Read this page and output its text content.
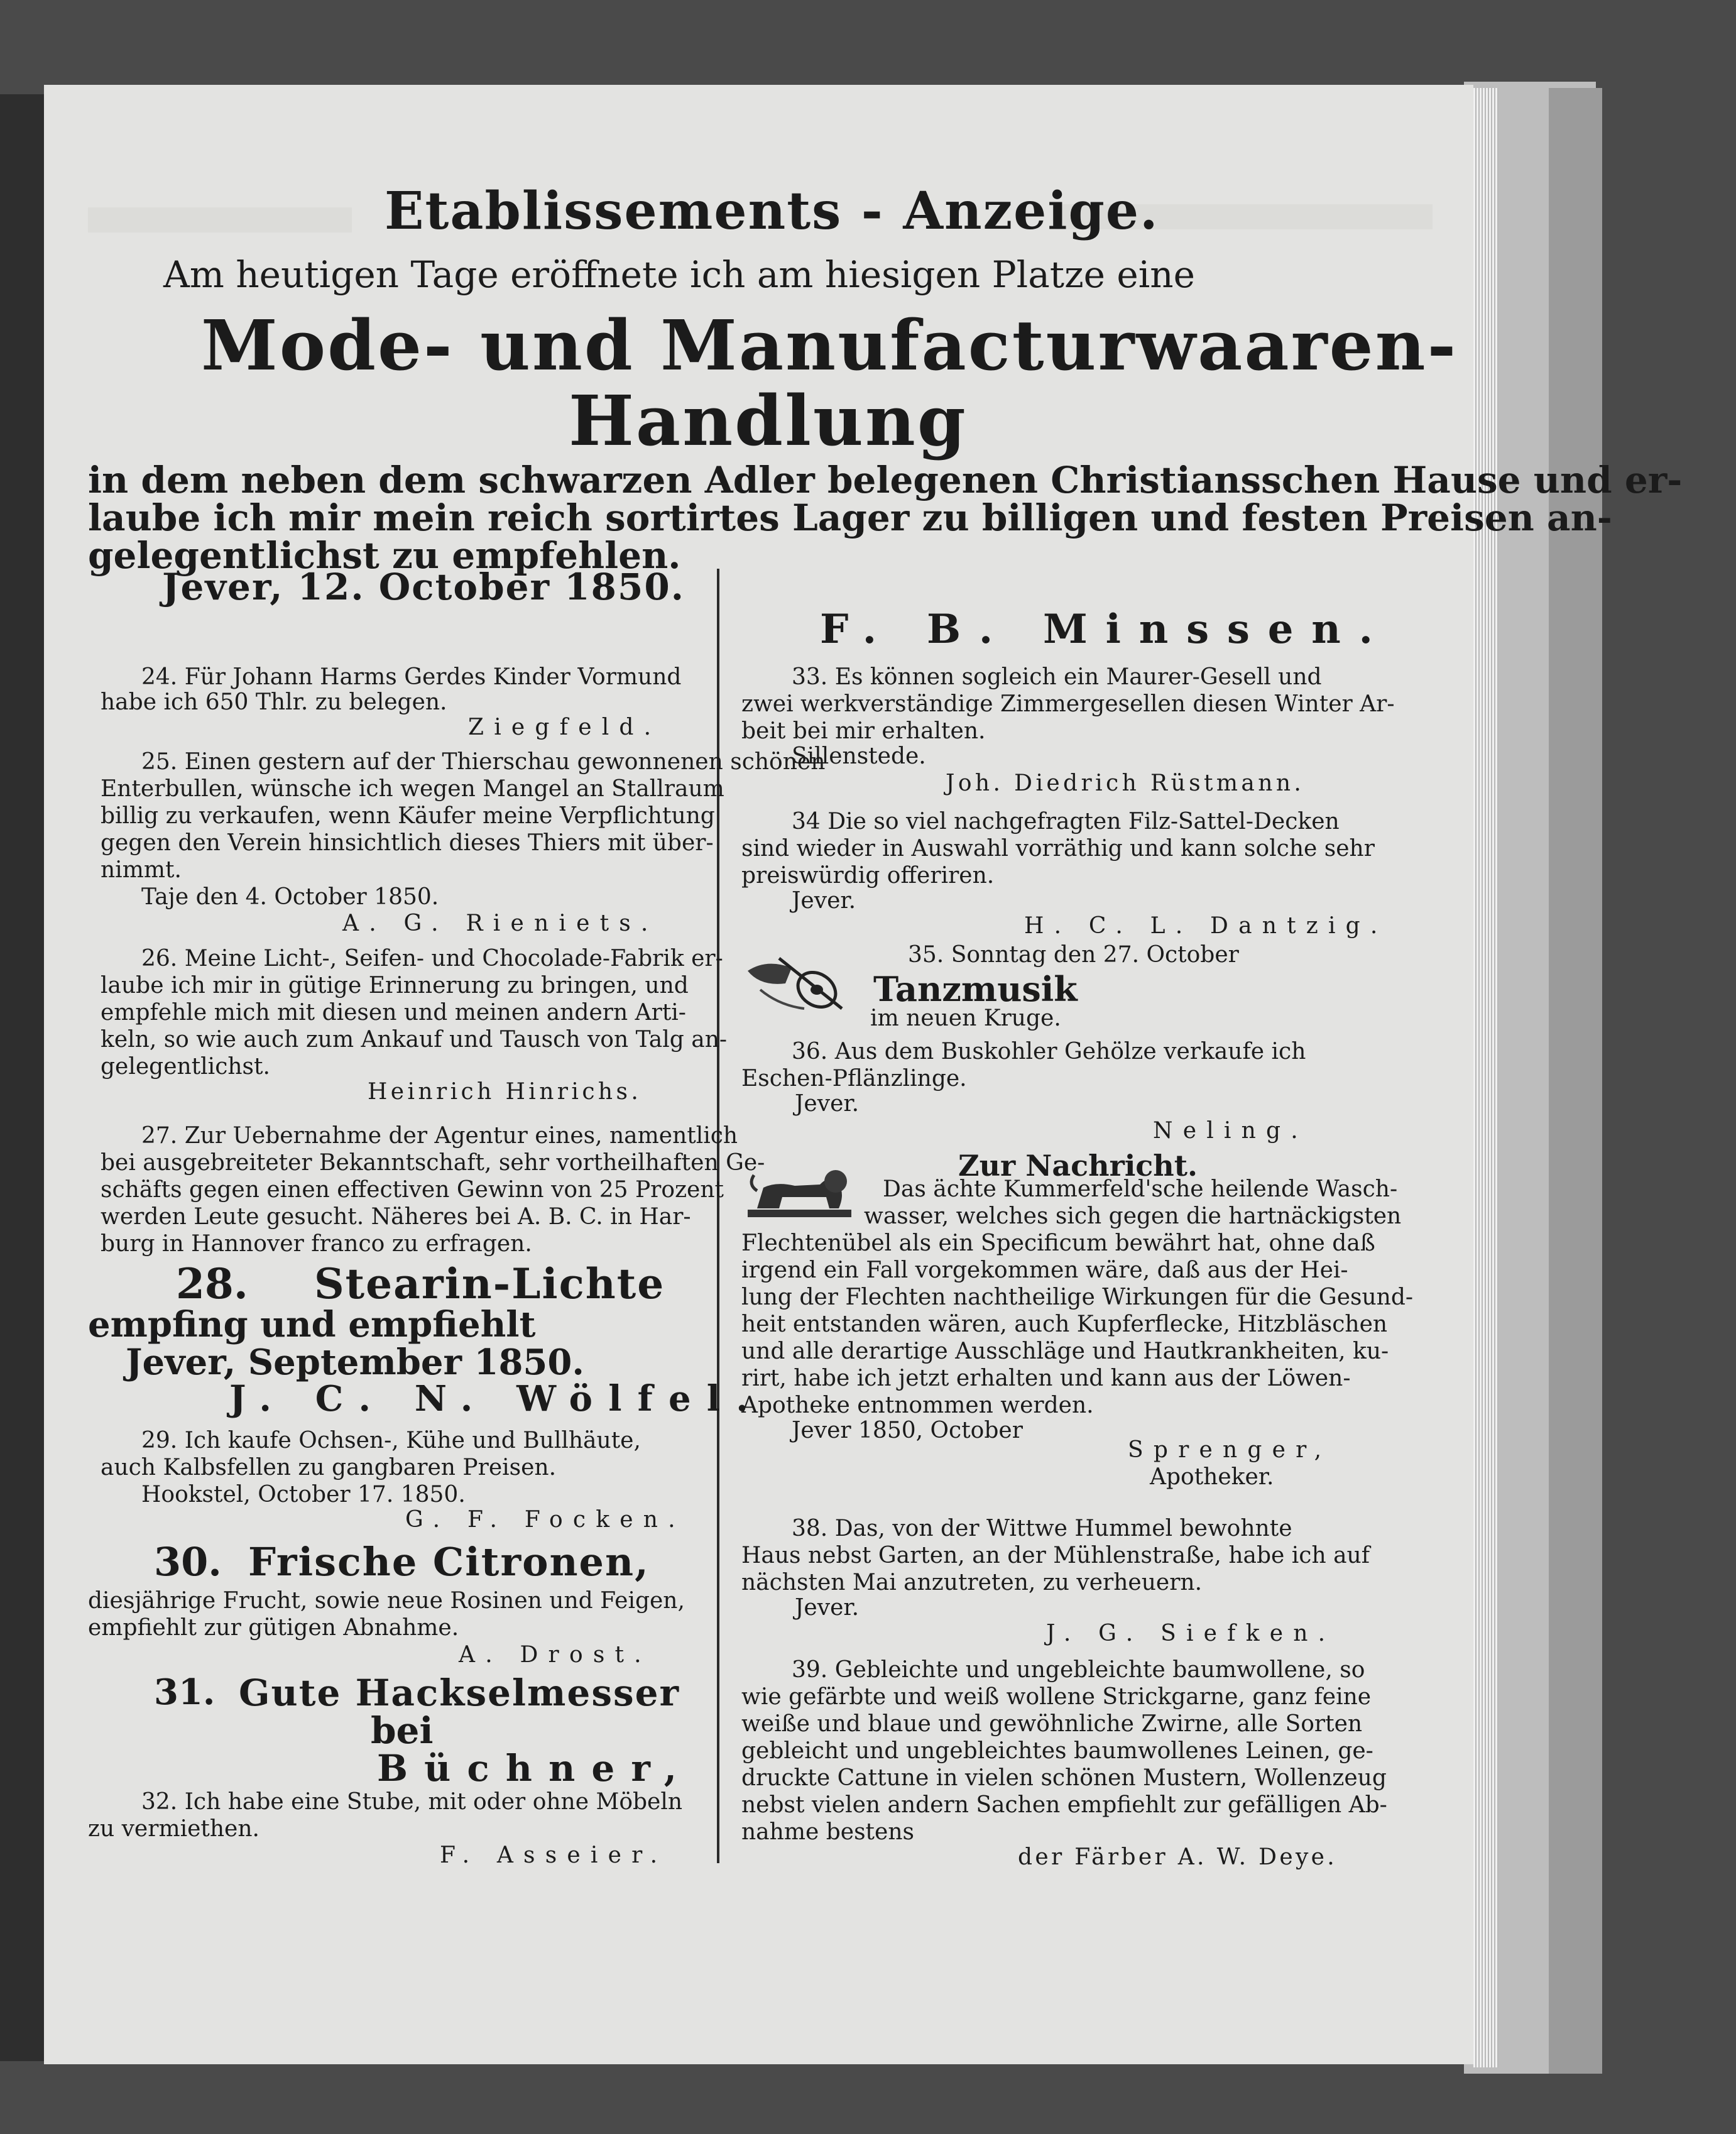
Etablissements - Anzeige.

Am heutigen Tage eröffnete ich am hiesigen Platze eine

Mode- und Manufacturwaaren-

Handlung

in dem neben dem schwarzen Adler belegenen Christiansschen Hause und er-

laube ich mir mein reich sortirtes Lager zu billigen und festen Preisen an-

gelegentlichst zu empfehlen.

Jever, 12. October 1850.

F. B. Minssen.

24. Für Johann Harms Gerdes Kinder Vormund

habe ich 650 Thlr. zu belegen.

Ziegfeld.

25. Einen gestern auf der Thierschau gewonnenen schönen

Enterbullen, wünsche ich wegen Mangel an Stallraum

billig zu verkaufen, wenn Käufer meine Verpflichtung

gegen den Verein hinsichtlich dieses Thiers mit über-

nimmt.

Taje den 4. October 1850.

A. G. Rieniets.

26. Meine Licht-, Seifen- und Chocolade-Fabrik er-

laube ich mir in gütige Erinnerung zu bringen, und

empfehle mich mit diesen und meinen andern Arti-

keln, so wie auch zum Ankauf und Tausch von Talg an-

gelegentlichst.

Heinrich Hinrichs.

27. Zur Uebernahme der Agentur eines, namentlich

bei ausgebreiteter Bekanntschaft, sehr vortheilhaften Ge-

schäfts gegen einen effectiven Gewinn von 25 Prozent

werden Leute gesucht. Näheres bei A. B. C. in Har-

burg in Hannover franco zu erfragen.

28. Stearin-Lichte

empfing und empfiehlt

Jever, September 1850.

J. C. N. Wölfel.

29. Ich kaufe Ochsen-, Kühe und Bullhäute,

auch Kalbsfellen zu gangbaren Preisen.

Hookstel, October 17. 1850.

G. F. Focken.

30. Frische Citronen,

diesjährige Frucht, sowie neue Rosinen und Feigen,

empfiehlt zur gütigen Abnahme.

A. Drost.

31. Gute Hackselmesser

bei

Büchner,

32. Ich habe eine Stube, mit oder ohne Möbeln

zu vermiethen.

F. Asseier.

33. Es können sogleich ein Maurer-Gesell und

zwei werkverständige Zimmergesellen diesen Winter Ar-

beit bei mir erhalten.

Sillenstede.

Joh. Diedrich Rüstmann.

34 Die so viel nachgefragten Filz-Sattel-Decken

sind wieder in Auswahl vorräthig und kann solche sehr

preiswürdig offeriren.

Jever.

H. C. L. Dantzig.

35. Sonntag den 27. October

Tanzmusik

im neuen Kruge.

36. Aus dem Buskohler Gehölze verkaufe ich

Eschen-Pflänzlinge.

Jever.

Neling.

Zur Nachricht.

Das ächte Kummerfeld'sche heilende Wasch-

wasser, welches sich gegen die hartnäckigsten

Flechtenübel als ein Specificum bewährt hat, ohne daß

irgend ein Fall vorgekommen wäre, daß aus der Hei-

lung der Flechten nachtheilige Wirkungen für die Gesund-

heit entstanden wären, auch Kupferflecke, Hitzbläschen

und alle derartige Ausschläge und Hautkrankheiten, ku-

rirt, habe ich jetzt erhalten und kann aus der Löwen-

Apotheke entnommen werden.

Jever 1850, October

Sprenger,

Apotheker.

38. Das, von der Wittwe Hummel bewohnte

Haus nebst Garten, an der Mühlenstraße, habe ich auf

nächsten Mai anzutreten, zu verheuern.

Jever.

J. G. Siefken.

39. Gebleichte und ungebleichte baumwollene, so

wie gefärbte und weiß wollene Strickgarne, ganz feine

weiße und blaue und gewöhnliche Zwirne, alle Sorten

gebleicht und ungebleichtes baumwollenes Leinen, ge-

druckte Cattune in vielen schönen Mustern, Wollenzeug

nebst vielen andern Sachen empfiehlt zur gefälligen Ab-

nahme bestens

der Färber A. W. Deye.
